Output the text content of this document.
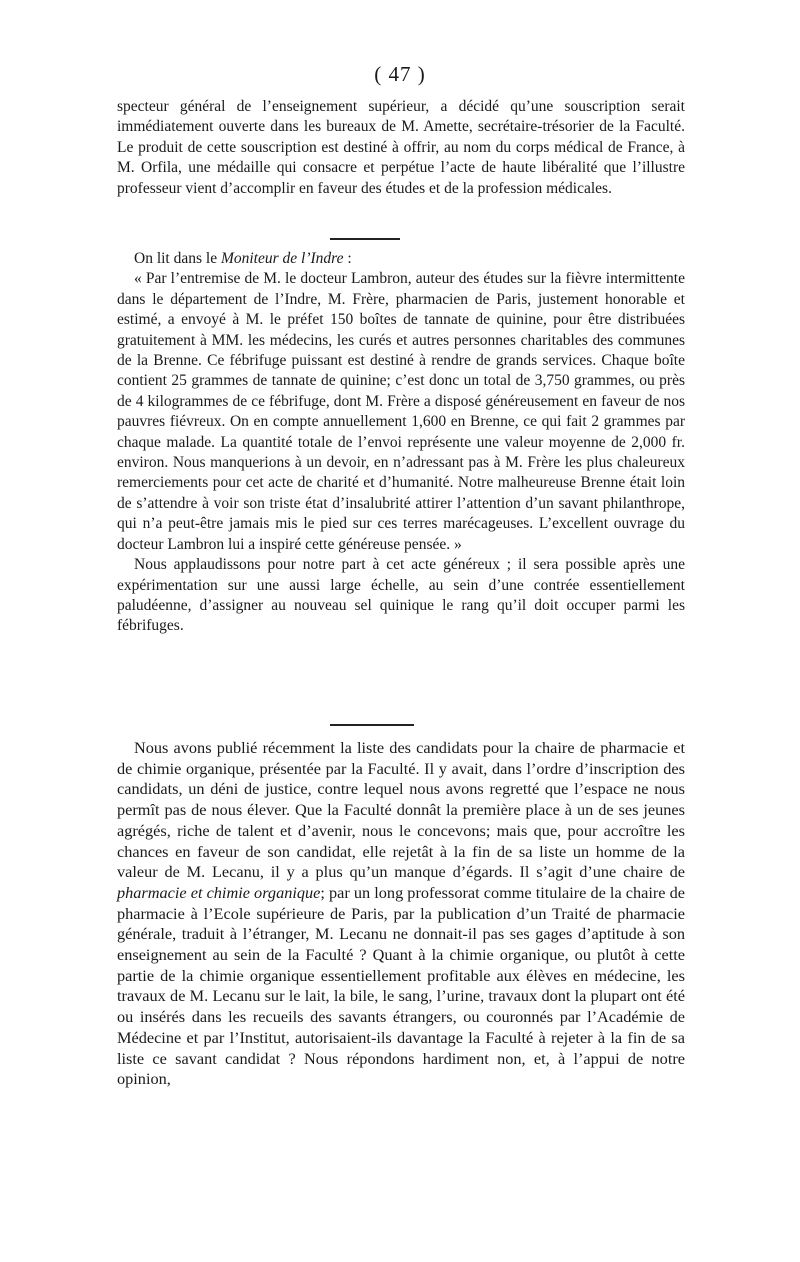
( 47 )

specteur général de l’enseignement supérieur, a décidé qu’une souscription serait immédiatement ouverte dans les bureaux de M. Amette, secrétaire-trésorier de la Faculté. Le produit de cette souscription est destiné à offrir, au nom du corps médical de France, à M. Orfila, une médaille qui consacre et perpétue l’acte de haute libéralité que l’illustre professeur vient d’accomplir en faveur des études et de la profession médicales.

On lit dans le Moniteur de l’Indre :

« Par l’entremise de M. le docteur Lambron, auteur des études sur la fièvre intermittente dans le département de l’Indre, M. Frère, pharmacien de Paris, justement honorable et estimé, a envoyé à M. le préfet 150 boîtes de tannate de quinine, pour être distribuées gratuitement à MM. les médecins, les curés et autres personnes charitables des communes de la Brenne. Ce fébrifuge puissant est destiné à rendre de grands services. Chaque boîte contient 25 grammes de tannate de quinine; c’est donc un total de 3,750 grammes, ou près de 4 kilogrammes de ce fébrifuge, dont M. Frère a disposé généreusement en faveur de nos pauvres fiévreux. On en compte annuellement 1,600 en Brenne, ce qui fait 2 grammes par chaque malade. La quantité totale de l’envoi représente une valeur moyenne de 2,000 fr. environ. Nous manquerions à un devoir, en n’adressant pas à M. Frère les plus chaleureux remerciements pour cet acte de charité et d’humanité. Notre malheureuse Brenne était loin de s’attendre à voir son triste état d’insalubrité attirer l’attention d’un savant philanthrope, qui n’a peut-être jamais mis le pied sur ces terres marécageuses. L’excellent ouvrage du docteur Lambron lui a inspiré cette généreuse pensée. »

Nous applaudissons pour notre part à cet acte généreux ; il sera possible après une expérimentation sur une aussi large échelle, au sein d’une contrée essentiellement paludéenne, d’assigner au nouveau sel quinique le rang qu’il doit occuper parmi les fébrifuges.

Nous avons publié récemment la liste des candidats pour la chaire de pharmacie et de chimie organique, présentée par la Faculté. Il y avait, dans l’ordre d’inscription des candidats, un déni de justice, contre lequel nous avons regretté que l’espace ne nous permît pas de nous élever. Que la Faculté donnât la première place à un de ses jeunes agrégés, riche de talent et d’avenir, nous le concevons; mais que, pour accroître les chances en faveur de son candidat, elle rejetât à la fin de sa liste un homme de la valeur de M. Lecanu, il y a plus qu’un manque d’égards. Il s’agit d’une chaire de pharmacie et chimie organique; par un long professorat comme titulaire de la chaire de pharmacie à l’Ecole supérieure de Paris, par la publication d’un Traité de pharmacie générale, traduit à l’étranger, M. Lecanu ne donnait-il pas ses gages d’aptitude à son enseignement au sein de la Faculté ? Quant à la chimie organique, ou plutôt à cette partie de la chimie organique essentiellement profitable aux élèves en médecine, les travaux de M. Lecanu sur le lait, la bile, le sang, l’urine, travaux dont la plupart ont été ou insérés dans les recueils des savants étrangers, ou couronnés par l’Académie de Médecine et par l’Institut, autorisaient-ils davantage la Faculté à rejeter à la fin de sa liste ce savant candidat ? Nous répondons hardiment non, et, à l’appui de notre opinion,
